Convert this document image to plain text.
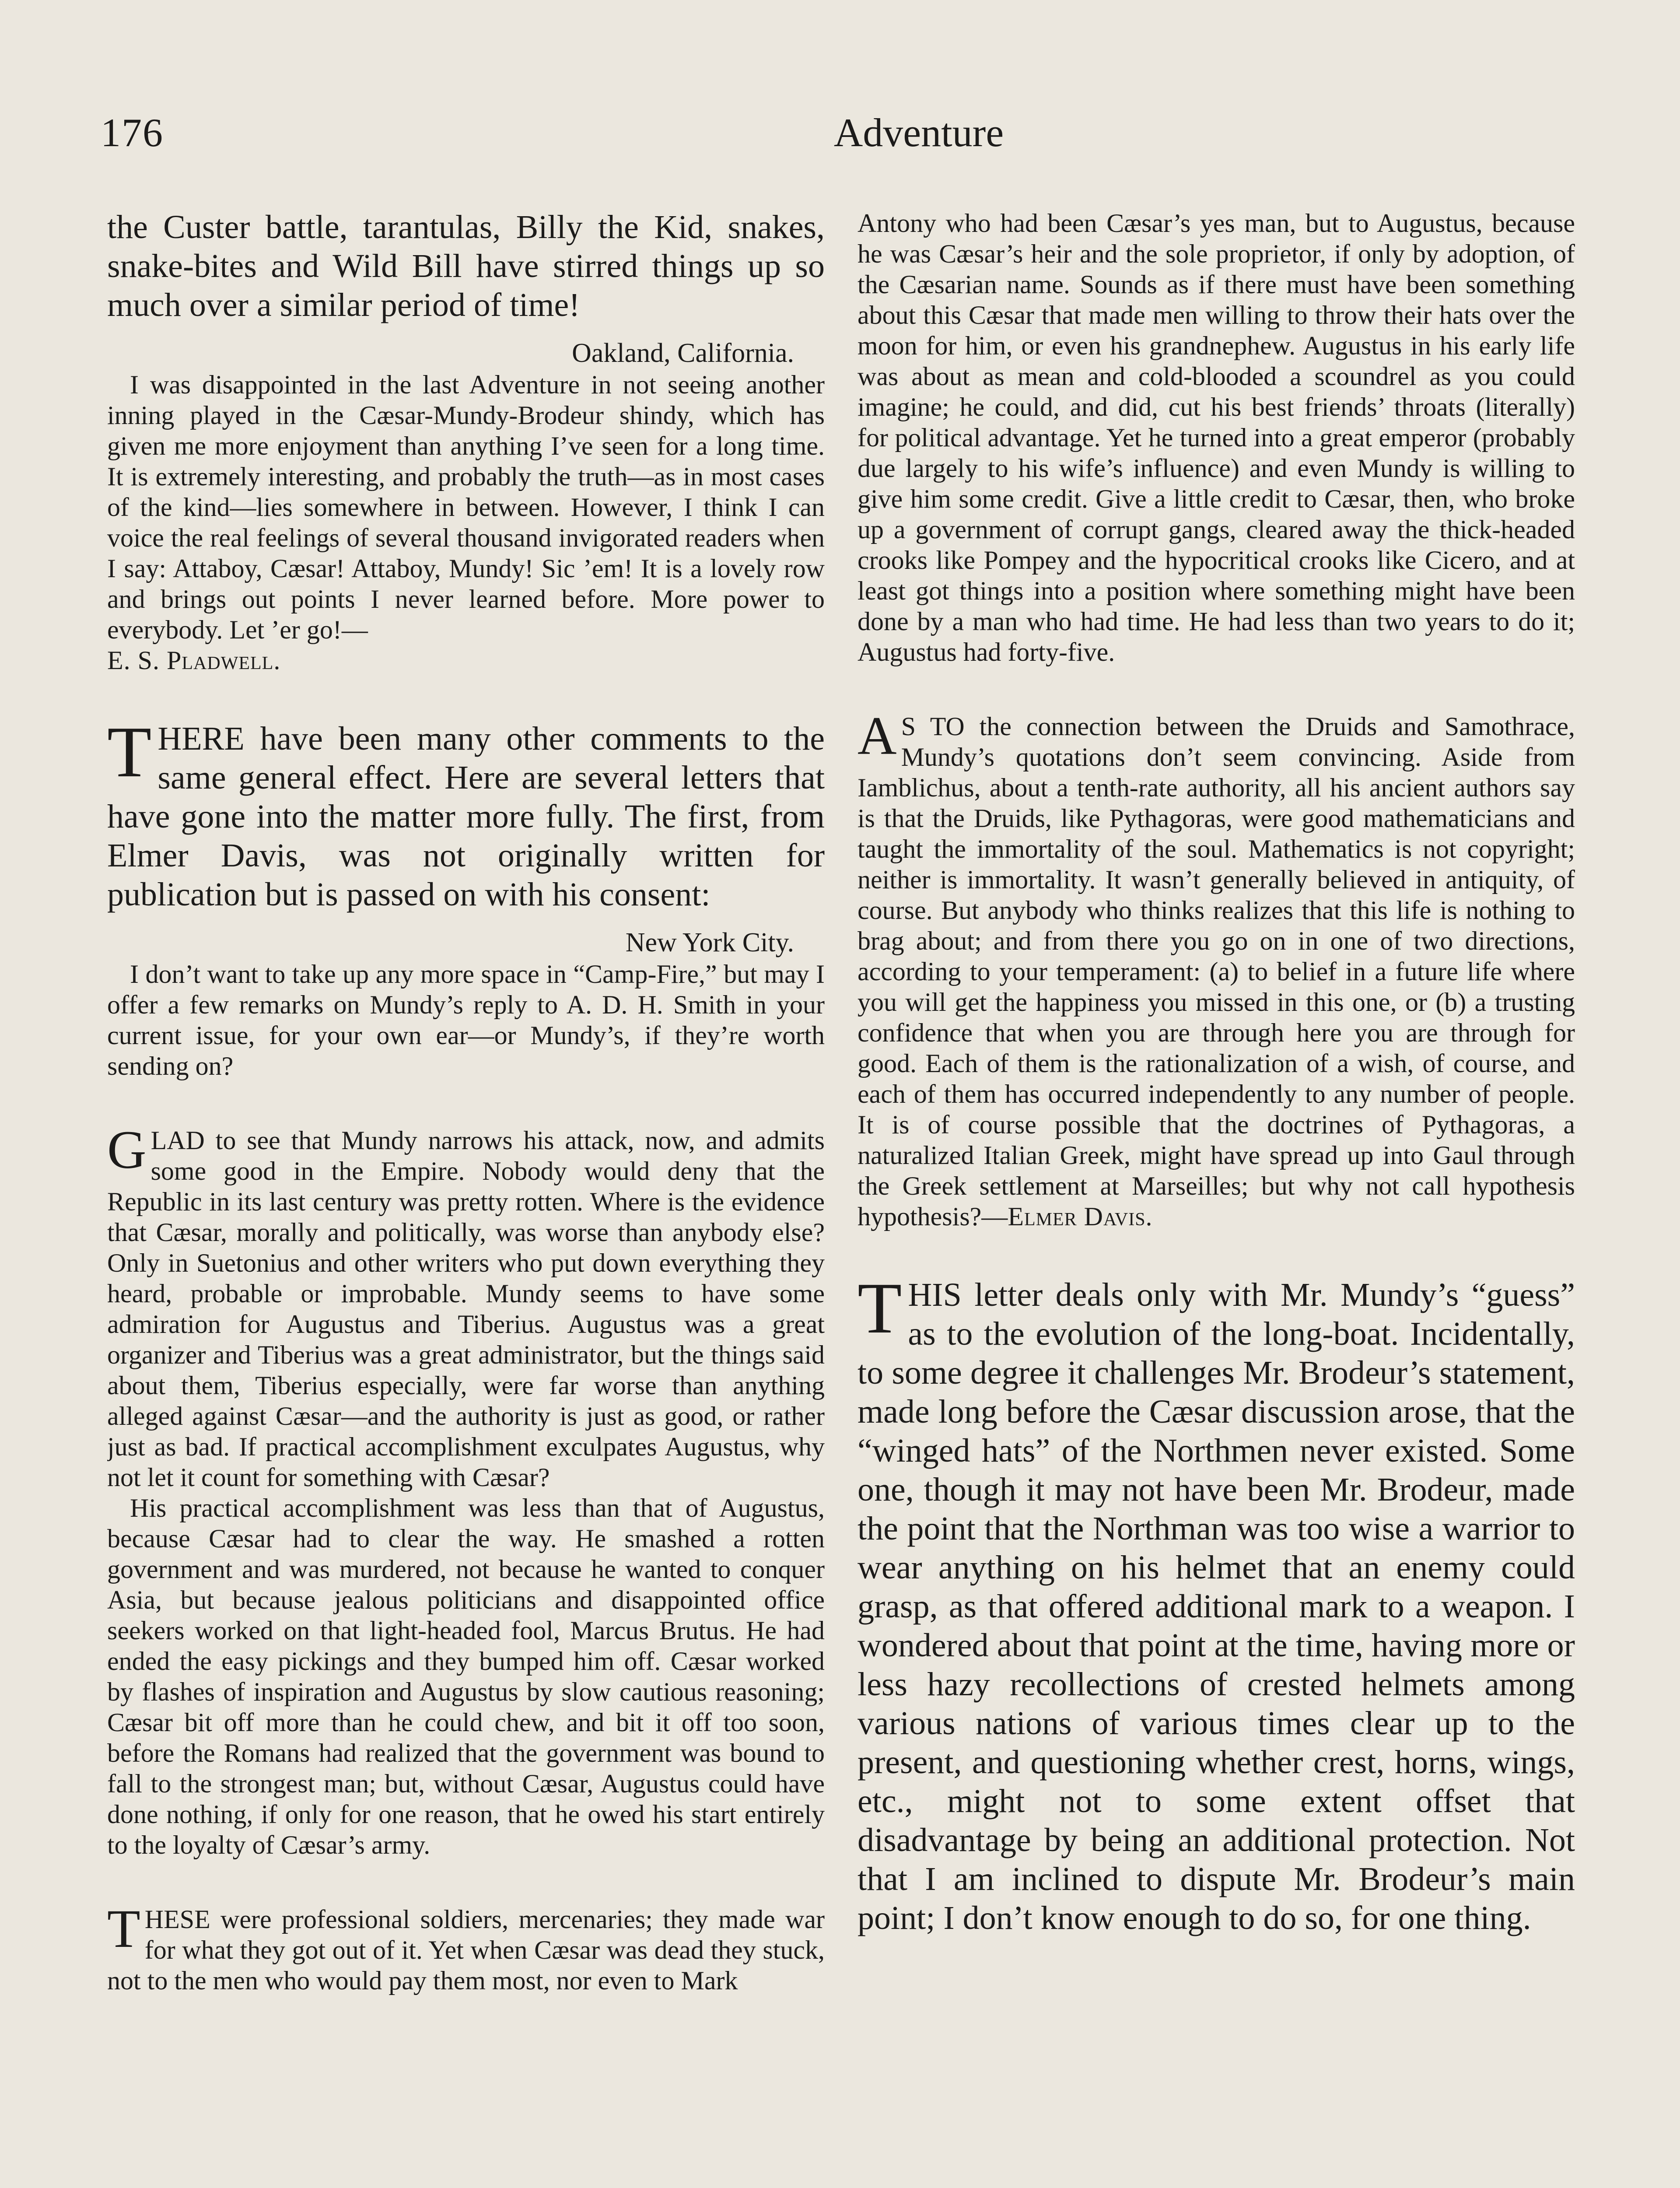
176	Adventure

the Custer battle, tarantulas, Billy the Kid, snakes, snake-bites and Wild Bill have stirred things up so much over a similar period of time!

Oakland, California.

I was disappointed in the last Adventure in not seeing another inning played in the Cæsar-Mundy-Brodeur shindy, which has given me more enjoyment than anything I’ve seen for a long time. It is extremely interesting, and probably the truth—as in most cases of the kind—lies somewhere in between. However, I think I can voice the real feelings of several thousand invigorated readers when I say: Attaboy, Cæsar! Attaboy, Mundy! Sic ’em! It is a lovely row and brings out points I never learned before. More power to everybody. Let ’er go!—
E. S. Pladwell.

THERE have been many other comments to the same general effect. Here are several letters that have gone into the matter more fully. The first, from Elmer Davis, was not originally written for publication but is passed on with his consent:

New York City.

I don’t want to take up any more space in “Camp-Fire,” but may I offer a few remarks on Mundy’s reply to A. D. H. Smith in your current issue, for your own ear—or Mundy’s, if they’re worth sending on?

GLAD to see that Mundy narrows his attack, now, and admits some good in the Empire. Nobody would deny that the Republic in its last century was pretty rotten. Where is the evidence that Cæsar, morally and politically, was worse than anybody else? Only in Suetonius and other writers who put down everything they heard, probable or improbable. Mundy seems to have some admiration for Augustus and Tiberius. Augustus was a great organizer and Tiberius was a great administrator, but the things said about them, Tiberius especially, were far worse than anything alleged against Cæsar—and the authority is just as good, or rather just as bad. If practical accomplishment exculpates Augustus, why not let it count for something with Cæsar?

His practical accomplishment was less than that of Augustus, because Cæsar had to clear the way. He smashed a rotten government and was murdered, not because he wanted to conquer Asia, but because jealous politicians and disappointed office seekers worked on that light-headed fool, Marcus Brutus. He had ended the easy pickings and they bumped him off. Cæsar worked by flashes of inspiration and Augustus by slow cautious reasoning; Cæsar bit off more than he could chew, and bit it off too soon, before the Romans had realized that the government was bound to fall to the strongest man; but, without Cæsar, Augustus could have done nothing, if only for one reason, that he owed his start entirely to the loyalty of Cæsar’s army.

THESE were professional soldiers, mercenaries; they made war for what they got out of it. Yet when Cæsar was dead they stuck, not to the men who would pay them most, nor even to Mark

Antony who had been Cæsar’s yes man, but to Augustus, because he was Cæsar’s heir and the sole proprietor, if only by adoption, of the Cæsarian name. Sounds as if there must have been something about this Cæsar that made men willing to throw their hats over the moon for him, or even his grandnephew. Augustus in his early life was about as mean and cold-blooded a scoundrel as you could imagine; he could, and did, cut his best friends’ throats (literally) for political advantage. Yet he turned into a great emperor (probably due largely to his wife’s influence) and even Mundy is willing to give him some credit. Give a little credit to Cæsar, then, who broke up a government of corrupt gangs, cleared away the thick-headed crooks like Pompey and the hypocritical crooks like Cicero, and at least got things into a position where something might have been done by a man who had time. He had less than two years to do it; Augustus had forty-five.

A S TO the connection between the Druids and Samothrace, Mundy’s quotations don’t seem convincing. Aside from Iamblichus, about a tenth-rate authority, all his ancient authors say is that the Druids, like Pythagoras, were good mathematicians and taught the immortality of the soul. Mathematics is not copyright; neither is immortality. It wasn’t generally believed in antiquity, of course. But anybody who thinks realizes that this life is nothing to brag about; and from there you go on in one of two directions, according to your temperament: (a) to belief in a future life where you will get the happiness you missed in this one, or (b) a trusting confidence that when you are through here you are through for good. Each of them is the rationalization of a wish, of course, and each of them has occurred independently to any number of people. It is of course possible that the doctrines of Pythagoras, a naturalized Italian Greek, might have spread up into Gaul through the Greek settlement at Marseilles; but why not call hypothesis hypothesis?—Elmer Davis.

THIS letter deals only with Mr. Mundy’s “guess” as to the evolution of the long-boat. Incidentally, to some degree it challenges Mr. Brodeur’s statement, made long before the Cæsar discussion arose, that the “winged hats” of the Northmen never existed. Some one, though it may not have been Mr. Brodeur, made the point that the Northman was too wise a warrior to wear anything on his helmet that an enemy could grasp, as that offered additional mark to a weapon. I wondered about that point at the time, having more or less hazy recollections of crested helmets among various nations of various times clear up to the present, and questioning whether crest, horns, wings, etc., might not to some extent offset that disadvantage by being an additional protection. Not that I am inclined to dispute Mr. Brodeur’s main point; I don’t know enough to do so, for one thing.
